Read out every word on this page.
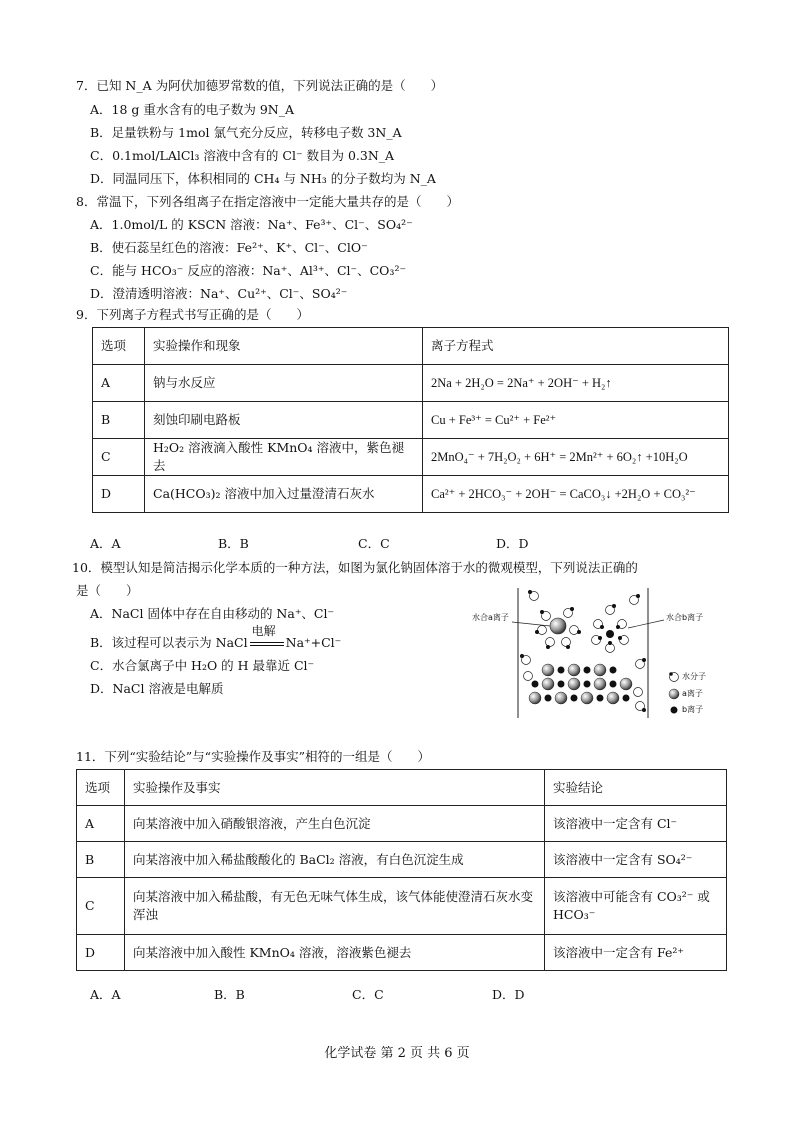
7．已知 N_A 为阿伏加德罗常数的值，下列说法正确的是（　　）
A．18 g 重水含有的电子数为 9N_A
B．足量铁粉与 1mol 氯气充分反应，转移电子数 3N_A
C．0.1mol/LAlCl₃ 溶液中含有的 Cl⁻ 数目为 0.3N_A
D．同温同压下，体积相同的 CH₄ 与 NH₃ 的分子数均为 N_A
8．常温下，下列各组离子在指定溶液中一定能大量共存的是（　　）
A．1.0mol/L 的 KSCN 溶液：Na⁺、Fe³⁺、Cl⁻、SO₄²⁻
B．使石蕊呈红色的溶液：Fe²⁺、K⁺、Cl⁻、ClO⁻
C．能与 HCO₃⁻ 反应的溶液：Na⁺、Al³⁺、Cl⁻、CO₃²⁻
D．澄清透明溶液：Na⁺、Cu²⁺、Cl⁻、SO₄²⁻
9．下列离子方程式书写正确的是（　　）
选项	实验操作和现象	离子方程式
A	钠与水反应	2Na + 2H₂O = 2Na⁺ + 2OH⁻ + H₂↑
B	刻蚀印刷电路板	Cu + Fe³⁺ = Cu²⁺ + Fe²⁺
C	H₂O₂ 溶液滴入酸性 KMnO₄ 溶液中，紫色褪去	2MnO₄⁻ + 7H₂O₂ + 6H⁺ = 2Mn²⁺ + 6O₂↑ +10H₂O
D	Ca(HCO₃)₂ 溶液中加入过量澄清石灰水	Ca²⁺ + 2HCO₃⁻ + 2OH⁻ = CaCO₃↓ +2H₂O + CO₃²⁻
A．A	B．B	C．C	D．D
10．模型认知是简洁揭示化学本质的一种方法，如图为氯化钠固体溶于水的微观模型，下列说法正确的
是（　　）
A．NaCl 固体中存在自由移动的 Na⁺、Cl⁻
B．该过程可以表示为 NaCl
电解
Na⁺+Cl⁻
C．水合氯离子中 H₂O 的 H 最靠近 Cl⁻
D．NaCl 溶液是电解质
水合a离子	水合b离子
水分子
a离子
b离子
11．下列“实验结论”与“实验操作及事实”相符的一组是（　　）
选项	实验操作及事实	实验结论
A	向某溶液中加入硝酸银溶液，产生白色沉淀	该溶液中一定含有 Cl⁻
B	向某溶液中加入稀盐酸酸化的 BaCl₂ 溶液，有白色沉淀生成	该溶液中一定含有 SO₄²⁻
C	向某溶液中加入稀盐酸，有无色无味气体生成，该气体能使澄清石灰水变浑浊	该溶液中可能含有 CO₃²⁻ 或 HCO₃⁻
D	向某溶液中加入酸性 KMnO₄ 溶液，溶液紫色褪去	该溶液中一定含有 Fe²⁺
A．A	B．B	C．C	D．D
化学试卷 第 2 页 共 6 页
